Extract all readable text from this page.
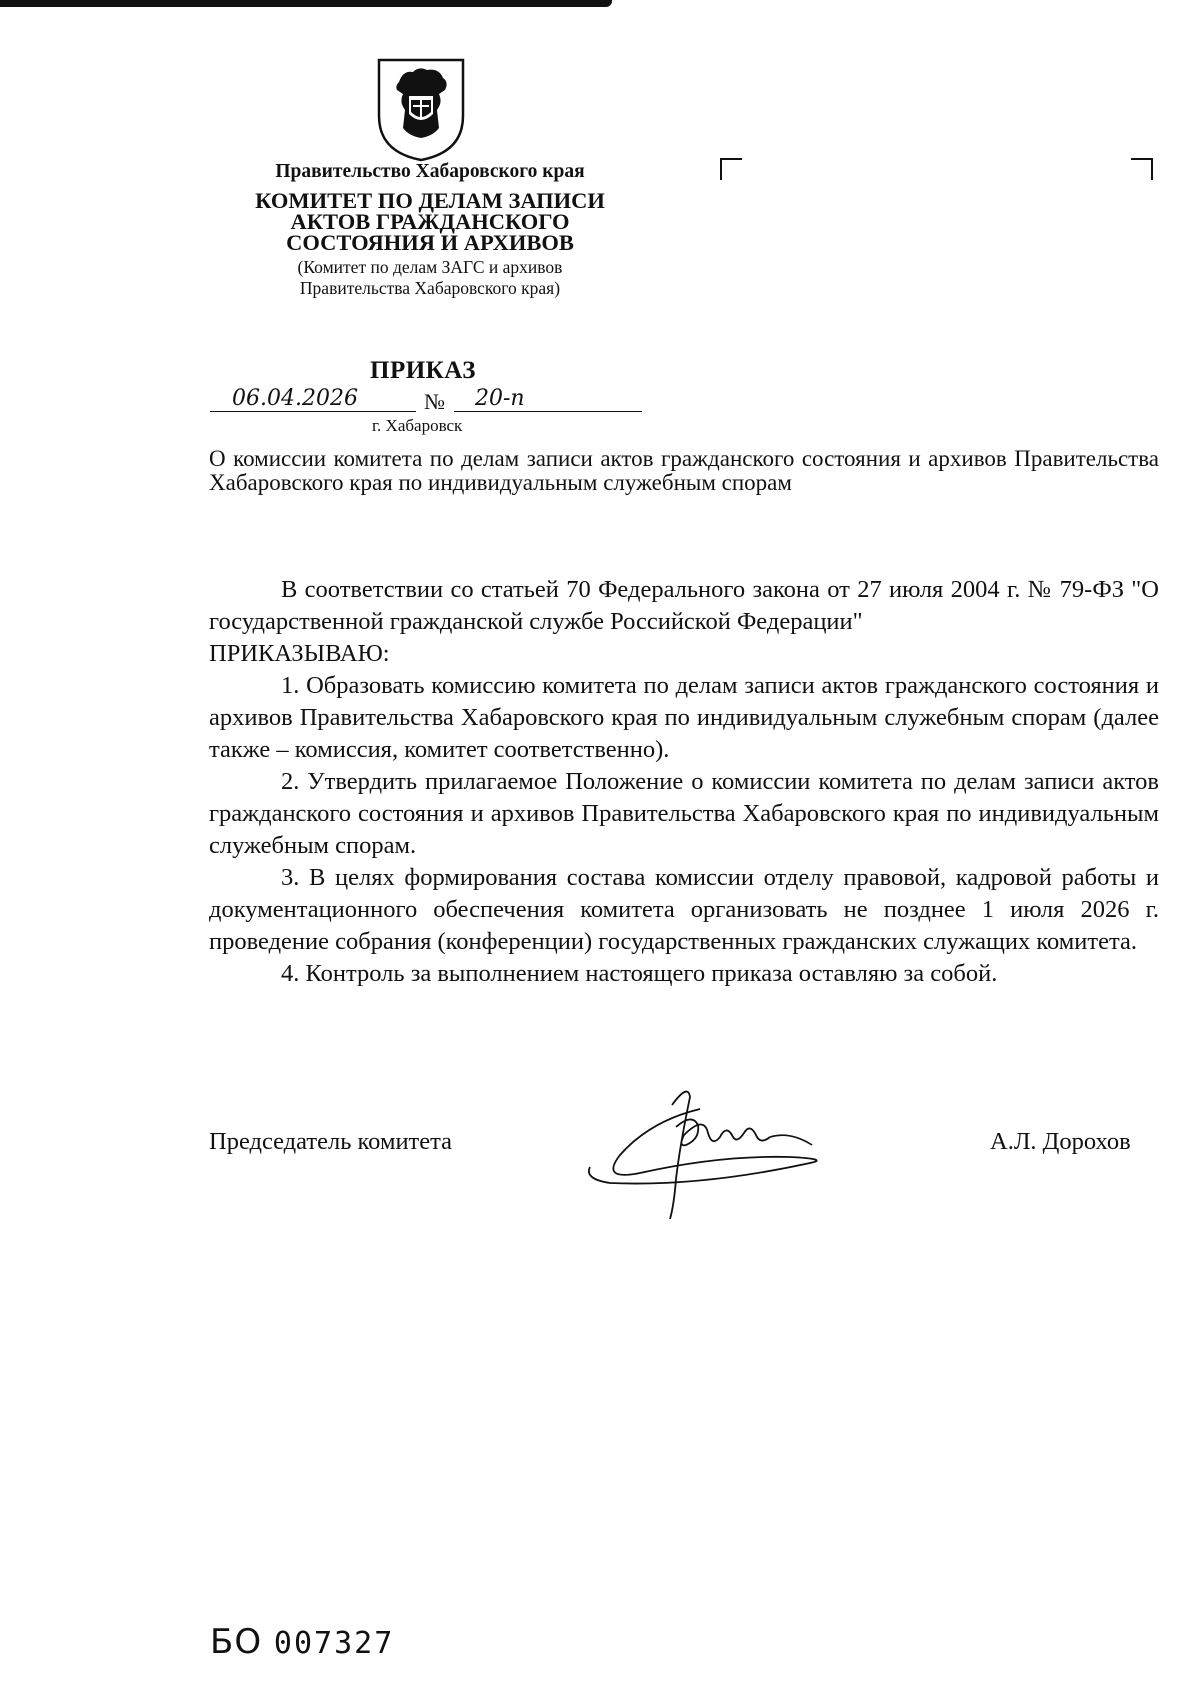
Правительство Хабаровского края
КОМИТЕТ ПО ДЕЛАМ ЗАПИСИ
АКТОВ ГРАЖДАНСКОГО
СОСТОЯНИЯ И АРХИВОВ
(Комитет по делам ЗАГС и архивов
Правительства Хабаровского края)
ПРИКАЗ
06.04.2026	№ 20-п
г. Хабаровск
О комиссии комитета по делам записи актов гражданского состояния и архивов Правительства Хабаровского края по индивидуальным служебным спорам

В соответствии со статьей 70 Федерального закона от 27 июля 2004 г. № 79-ФЗ "О государственной гражданской службе Российской Федерации"

ПРИКАЗЫВАЮ:

1. Образовать комиссию комитета по делам записи актов гражданского состояния и архивов Правительства Хабаровского края по индивидуальным служебным спорам (далее также – комиссия, комитет соответственно).

2. Утвердить прилагаемое Положение о комиссии комитета по делам записи актов гражданского состояния и архивов Правительства Хабаровского края по индивидуальным служебным спорам.

3. В целях формирования состава комиссии отделу правовой, кадровой работы и документационного обеспечения комитета организовать не позднее 1 июля 2026 г. проведение собрания (конференции) государственных гражданских служащих комитета.

4. Контроль за выполнением настоящего приказа оставляю за собой.

Председатель комитета	А.Л. Дорохов
БО 007327
